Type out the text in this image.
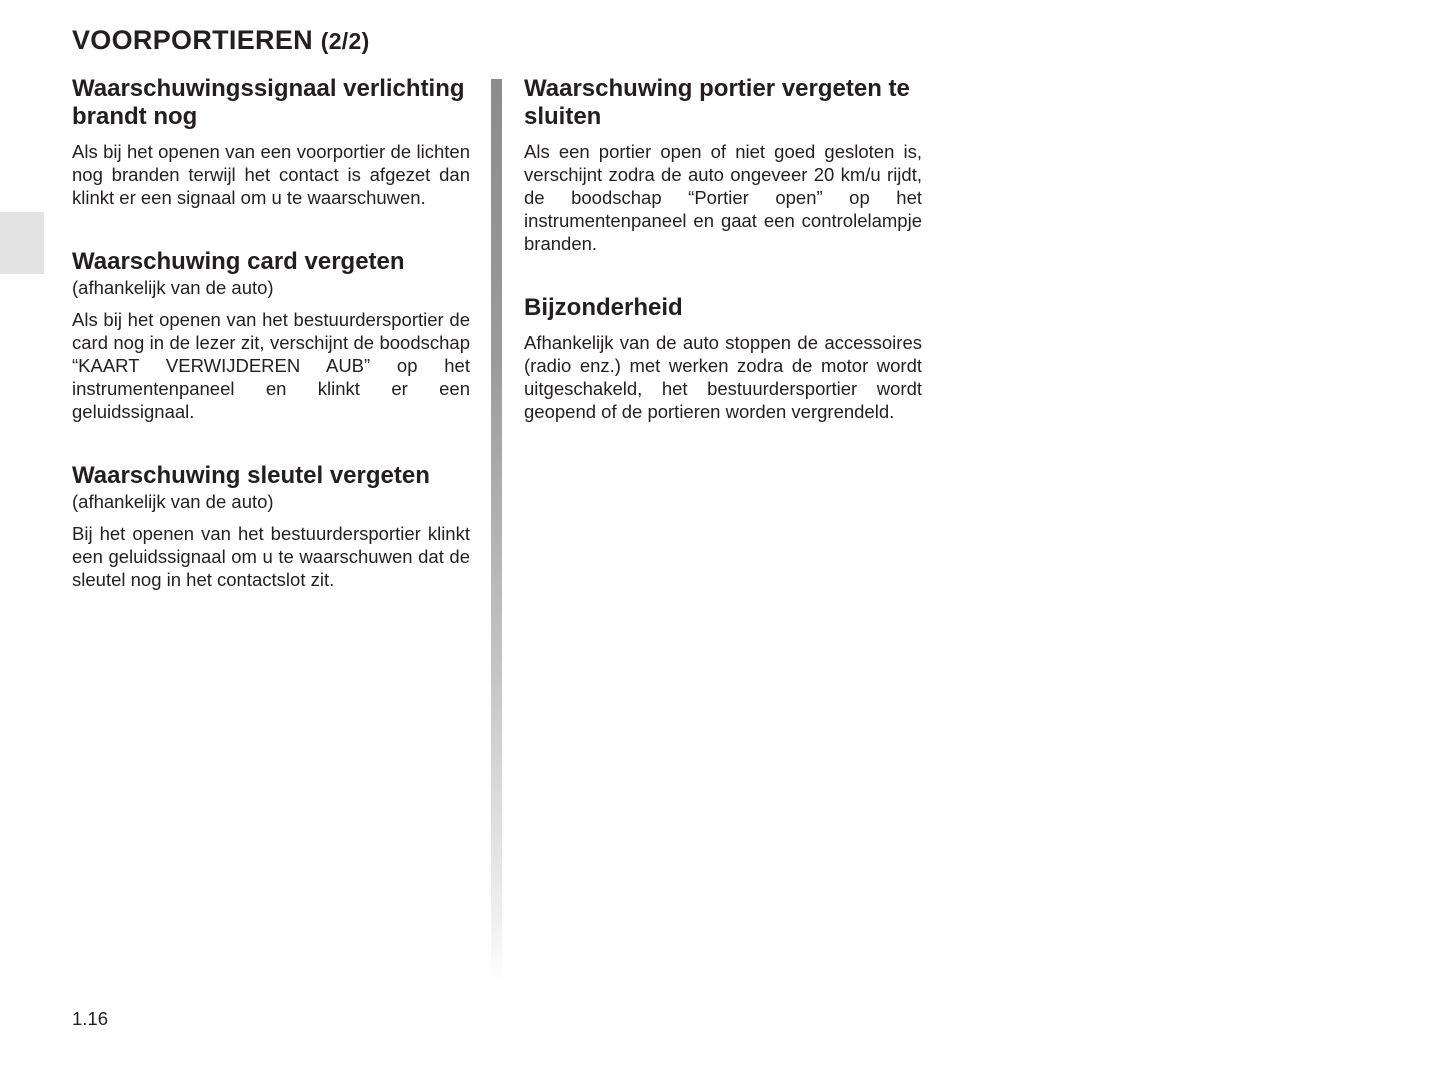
VOORPORTIEREN (2/2)
Waarschuwingssignaal verlichting brandt nog

Als bij het openen van een voorportier de lichten nog branden terwijl het contact is afgezet dan klinkt er een signaal om u te waarschuwen.

Waarschuwing card vergeten

(afhankelijk van de auto)

Als bij het openen van het bestuurdersportier de card nog in de lezer zit, verschijnt de boodschap “KAART VERWIJDEREN AUB” op het instrumentenpaneel en klinkt er een geluidssignaal.

Waarschuwing sleutel vergeten

(afhankelijk van de auto)

Bij het openen van het bestuurdersportier klinkt een geluidssignaal om u te waarschuwen dat de sleutel nog in het contactslot zit.

Waarschuwing portier vergeten te sluiten

Als een portier open of niet goed gesloten is, verschijnt zodra de auto ongeveer 20 km/u rijdt, de boodschap “Portier open” op het instrumentenpaneel en gaat een controlelampje branden.

Bijzonderheid

Afhankelijk van de auto stoppen de accessoires (radio enz.) met werken zodra de motor wordt uitgeschakeld, het bestuurdersportier wordt geopend of de portieren worden vergrendeld.

1.16
